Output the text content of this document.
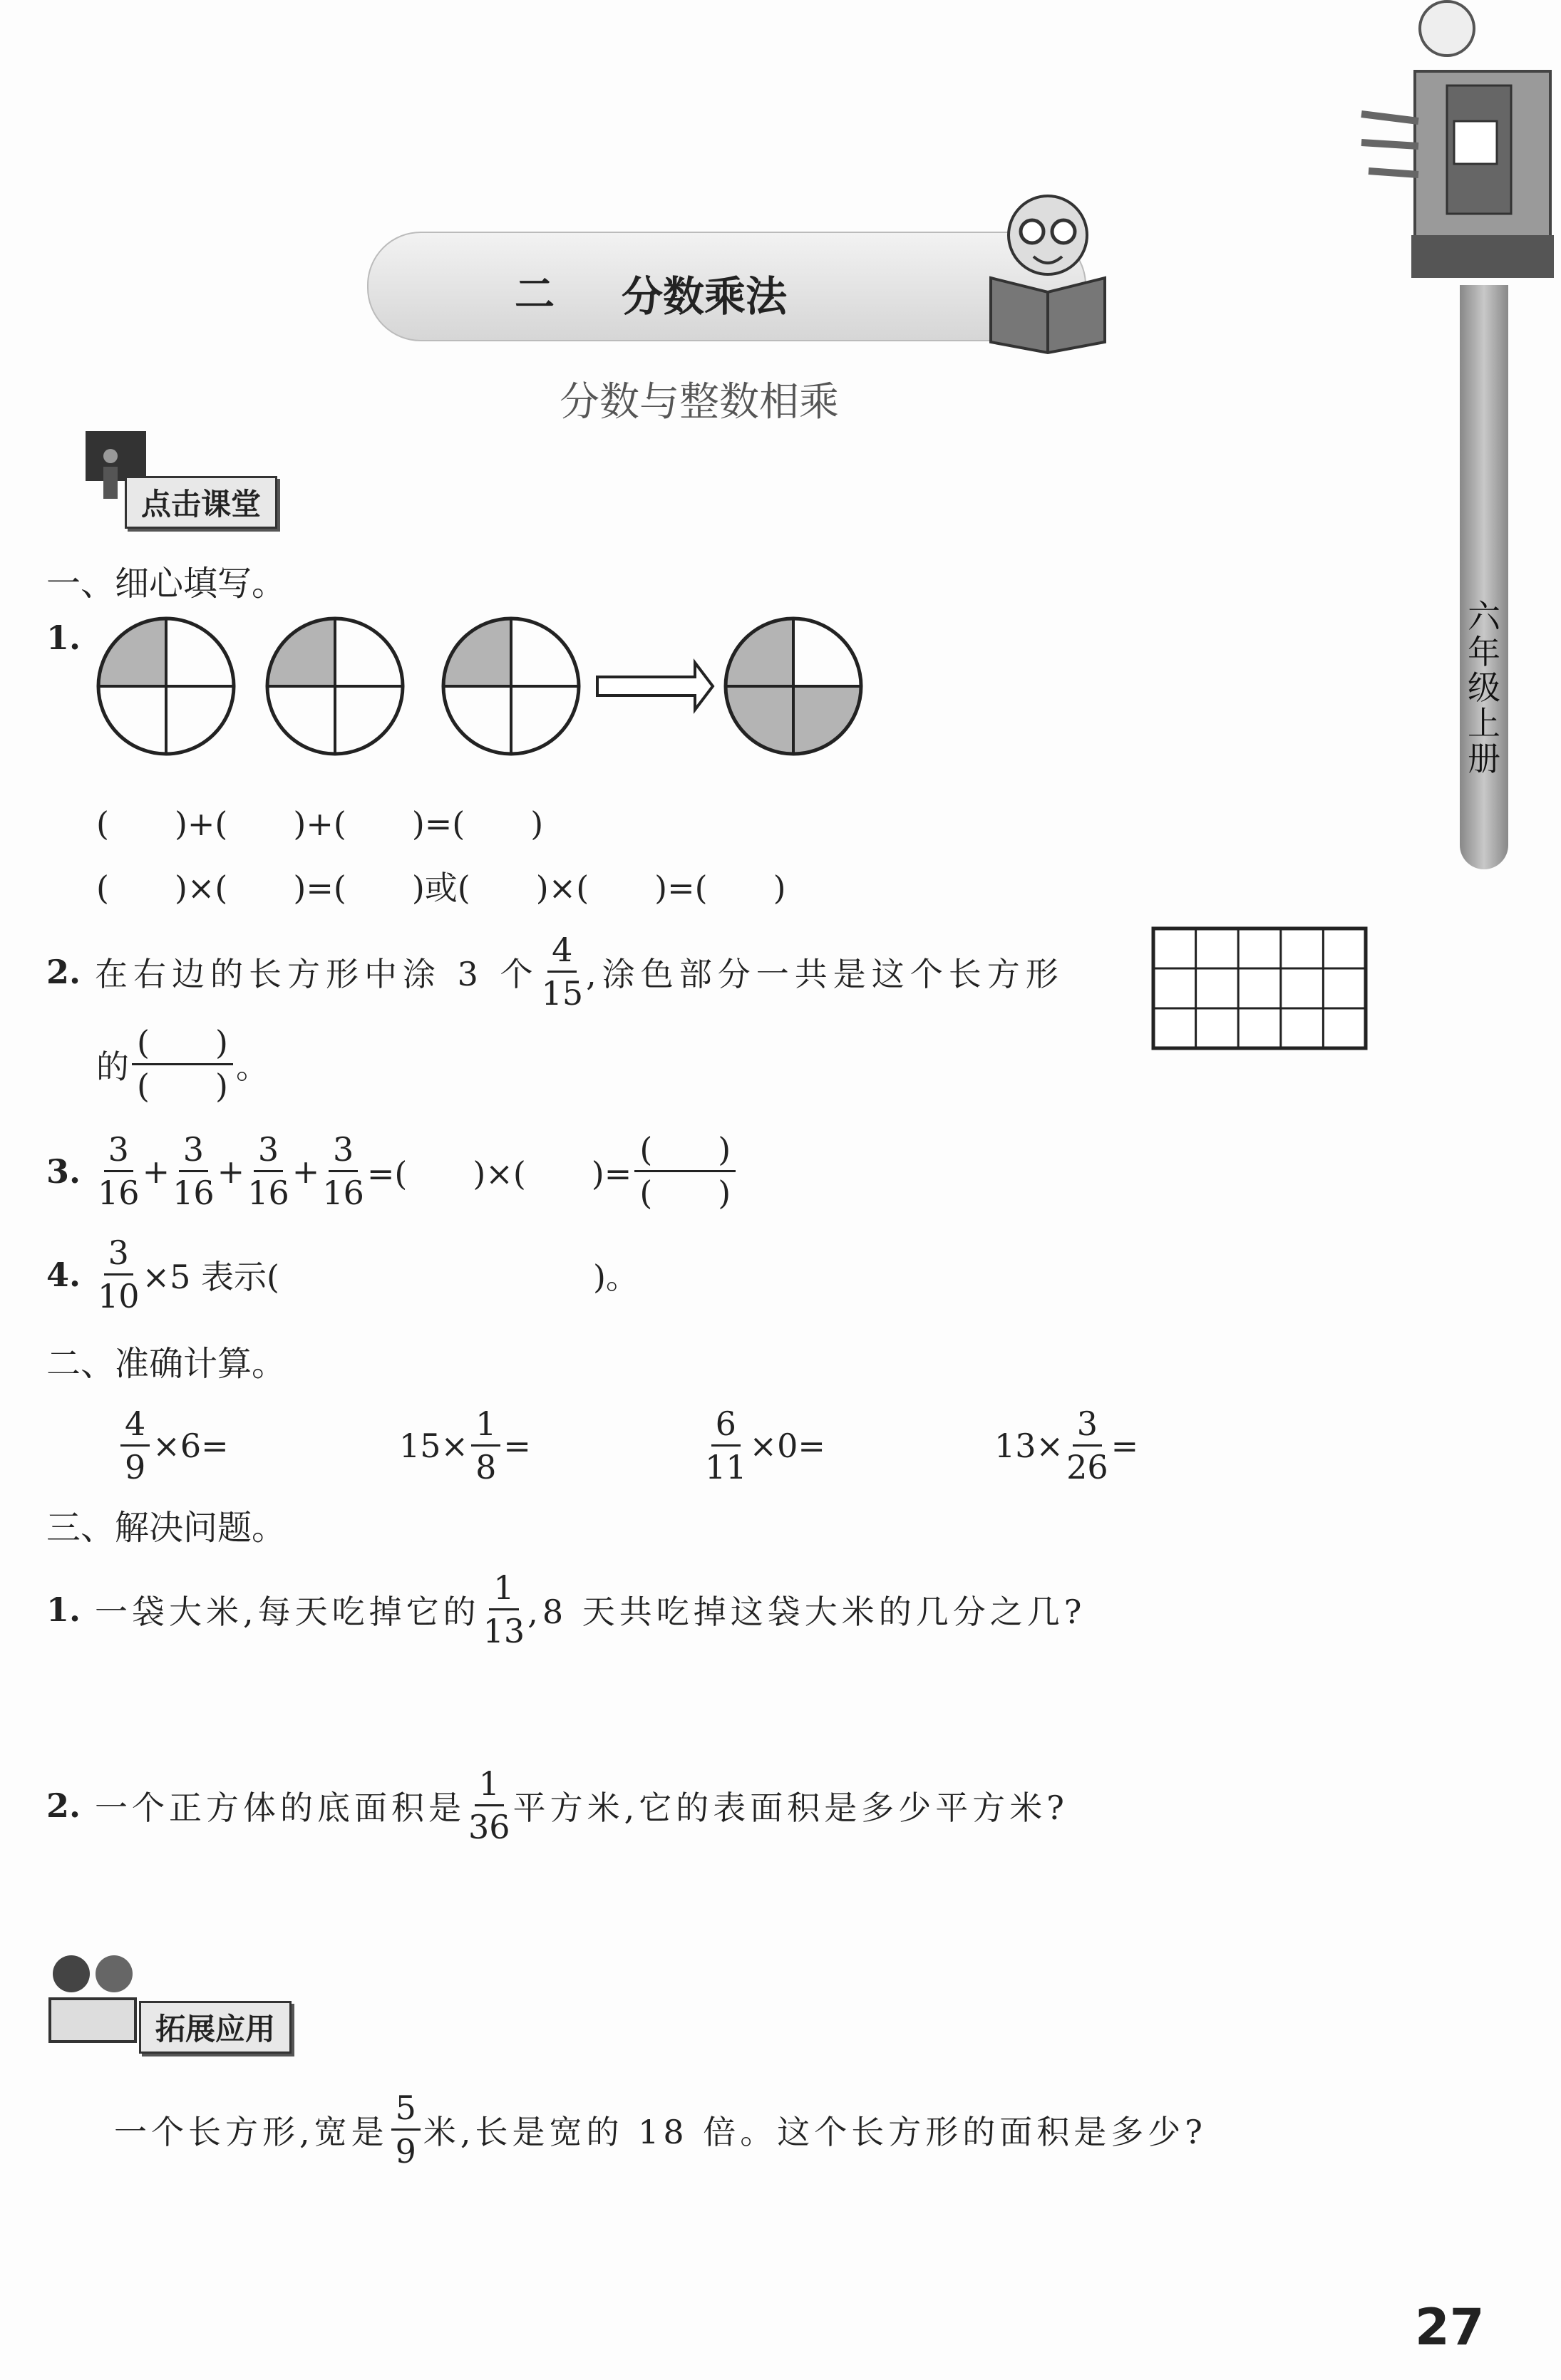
二 分数乘法
分数与整数相乘
六年级上册
点击课堂
一、细心填写。
1.
(　　)+(　　)+(　　)=(　　)
(　　)×(　　)=(　　)或(　　)×(　　)=(　　)
2. 在右边的长方形中涂 3 个 $\frac{4}{15}$ ,涂色部分一共是这个长方形
的 $\frac{( )}{( )}$ 。
3. $\frac{3}{16} + \frac{3}{16} + \frac{3}{16} + \frac{3}{16}$ =(　　)×(　　)= $\frac{( )}{( )}$
4. $\frac{3}{10} \times 5$ 表示(	)。
二、准确计算。
$\frac{4}{9} \times 6=$	$15\times \frac{1}{8}$ =	$\frac{6}{11} \times 0=$	$13\times \frac{3}{26}$ =
三、解决问题。
1. 一袋大米,每天吃掉它的 $\frac{1}{13} ,8$ 天共吃掉这袋大米的几分之几?
2. 一个正方体的底面积是 $\frac{1}{36}$ 平方米,它的表面积是多少平方米?
拓展应用
一个长方形,宽是 $\frac{5}{9}$ 米,长是宽的 18 倍。这个长方形的面积是多少?
27
